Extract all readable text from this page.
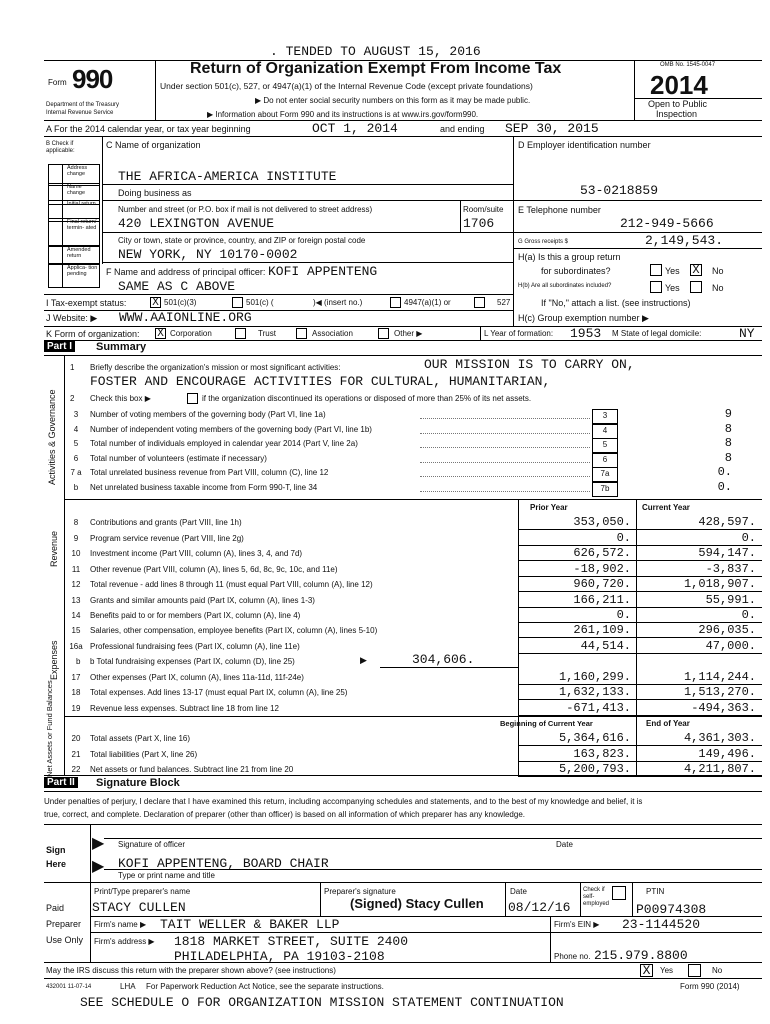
. TENDED TO AUGUST 15, 2016
Form 990
Department of the Treasury
Internal Revenue Service
Return of Organization Exempt From Income Tax
Under section 501(c), 527, or 4947(a)(1) of the Internal Revenue Code (except private foundations)
▶ Do not enter social security numbers on this form as it may be made public.
▶ Information about Form 990 and its instructions is at www.irs.gov/form990.
OMB No. 1545-0047
2014
Open to Public
Inspection
A For the 2014 calendar year, or tax year beginning	OCT 1, 2014	and ending SEP 30, 2015
B Check if applicable:
Address change
Name change
Initial return
Final return/ termin- ated
Amended return
Applica- tion pending
C Name of organization
THE AFRICA-AMERICA INSTITUTE
Doing business as
Number and street (or P.O. box if mail is not delivered to street address)	Room/suite
420 LEXINGTON AVENUE	1706
City or town, state or province, country, and ZIP or foreign postal code
NEW YORK, NY 10170-0002
F Name and address of principal officer: KOFI APPENTENG
SAME AS C ABOVE
D Employer identification number
53-0218859
E Telephone number
212-949-5666
G Gross receipts $	2,149,543.
H(a) Is this a group return
for subordinates?	Yes X No
H(b) Are all subordinates included?	Yes	No
If "No," attach a list. (see instructions)
I Tax-exempt status: X 501(c)(3)	501(c) (	)◀ (insert no.)	4947(a)(1) or	527
J Website: ▶ WWW.AAIONLINE.ORG	H(c) Group exemption number ▶
K Form of organization: X Corporation	Trust	Association	Other ▶	L Year of formation: 1953 M State of legal domicile:	NY
Part I Summary
Activities & Governance
Revenue
Expenses
Net Assets or Fund Balances
1 Briefly describe the organization's mission or most significant activities:	OUR MISSION IS TO CARRY ON,
FOSTER AND ENCOURAGE ACTIVITIES FOR CULTURAL, HUMANITARIAN,
2 Check this box ▶	if the organization discontinued its operations or disposed of more than 25% of its net assets.
3	Number of voting members of the governing body (Part VI, line 1a)	3	9
4	Number of independent voting members of the governing body (Part VI, line 1b)	4	8
5	Total number of individuals employed in calendar year 2014 (Part V, line 2a)	5	8
6	Total number of volunteers (estimate if necessary)	6	8
7 a	Total unrelated business revenue from Part VIII, column (C), line 12	7a	0.
b	Net unrelated business taxable income from Form 990-T, line 34	7b	0.
Prior Year	Current Year
8	Contributions and grants (Part VIII, line 1h)	353,050.	428,597.
9	Program service revenue (Part VIII, line 2g)	0.	0.
10	Investment income (Part VIII, column (A), lines 3, 4, and 7d)	626,572.	594,147.
11	Other revenue (Part VIII, column (A), lines 5, 6d, 8c, 9c, 10c, and 11e)	-18,902.	-3,837.
12	Total revenue - add lines 8 through 11 (must equal Part VIII, column (A), line 12)	960,720.	1,018,907.
13	Grants and similar amounts paid (Part IX, column (A), lines 1-3)	166,211.	55,991.
14	Benefits paid to or for members (Part IX, column (A), line 4)	0.	0.
15	Salaries, other compensation, employee benefits (Part IX, column (A), lines 5-10)	261,109.	296,035.
16a Professional fundraising fees (Part IX, column (A), line 11e)	44,514.	47,000.
b b Total fundraising expenses (Part IX, column (D), line 25)	▶	304,606.
17	Other expenses (Part IX, column (A), lines 11a-11d, 11f-24e)	1,160,299.	1,114,244.
18	Total expenses. Add lines 13-17 (must equal Part IX, column (A), line 25)	1,632,133.	1,513,270.
19	Revenue less expenses. Subtract line 18 from line 12	-671,413.	-494,363.
Beginning of Current Year	End of Year
20	Total assets (Part X, line 16)	5,364,616.	4,361,303.
21	Total liabilities (Part X, line 26)	163,823.	149,496.
22	Net assets or fund balances. Subtract line 21 from line 20	5,200,793.	4,211,807.
Part II Signature Block
Under penalties of perjury, I declare that I have examined this return, including accompanying schedules and statements, and to the best of my knowledge and belief, it is
true, correct, and complete. Declaration of preparer (other than officer) is based on all information of which preparer has any knowledge.
Sign
Here
▶
▶
Signature of officer	Date
KOFI APPENTENG, BOARD CHAIR
Type or print name and title
Paid
Preparer
Use Only
Print/Type preparer's name
STACY CULLEN
Preparer's signature
(Signed) Stacy Cullen
Date
08/12/16
Check if self-employed
PTIN
P00974308
Firm's name ▶ TAIT WELLER & BAKER LLP	Firm's EIN ▶ 23-1144520
Firm's address ▶ 1818 MARKET STREET, SUITE 2400
PHILADELPHIA, PA 19103-2108	Phone no. 215.979.8800
May the IRS discuss this return with the preparer shown above? (see instructions)	X	Yes	No
432001 11-07-14	LHA For Paperwork Reduction Act Notice, see the separate instructions.	Form 990 (2014)
SEE SCHEDULE O FOR ORGANIZATION MISSION STATEMENT CONTINUATION
